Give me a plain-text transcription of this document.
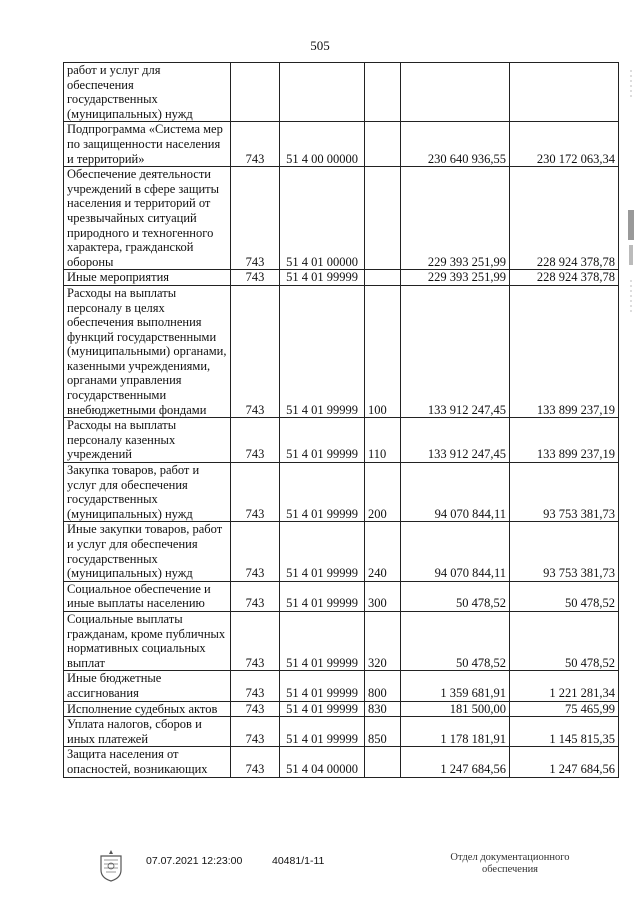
505
работ и услуг для обеспечения государственных (муниципальных) нужд					
Подпрограмма «Система мер по защищенности населения и территорий»	743	51 4 00 00000		230 640 936,55	230 172 063,34
Обеспечение деятельности учреждений в сфере защиты населения и территорий от чрезвычайных ситуаций природного и техногенного характера, гражданской обороны	743	51 4 01 00000		229 393 251,99	228 924 378,78
Иные мероприятия	743	51 4 01 99999		229 393 251,99	228 924 378,78
Расходы на выплаты персоналу в целях обеспечения выполнения функций государственными (муниципальными) органами, казенными учреждениями, органами управления государственными внебюджетными фондами	743	51 4 01 99999	100	133 912 247,45	133 899 237,19
Расходы на выплаты персоналу казенных учреждений	743	51 4 01 99999	110	133 912 247,45	133 899 237,19
Закупка товаров, работ и услуг для обеспечения государственных (муниципальных) нужд	743	51 4 01 99999	200	94 070 844,11	93 753 381,73
Иные закупки товаров, работ и услуг для обеспечения государственных (муниципальных) нужд	743	51 4 01 99999	240	94 070 844,11	93 753 381,73
Социальное обеспечение и иные выплаты населению	743	51 4 01 99999	300	50 478,52	50 478,52
Социальные выплаты гражданам, кроме публичных нормативных социальных выплат	743	51 4 01 99999	320	50 478,52	50 478,52
Иные бюджетные ассигнования	743	51 4 01 99999	800	1 359 681,91	1 221 281,34
Исполнение судебных актов	743	51 4 01 99999	830	181 500,00	75 465,99
Уплата налогов, сборов и иных платежей	743	51 4 01 99999	850	1 178 181,91	1 145 815,35
Защита населения от опасностей, возникающих	743	51 4 04 00000		1 247 684,56	1 247 684,56
07.07.2021 12:23:00	40481/1-11	Отдел документационного обеспечения
